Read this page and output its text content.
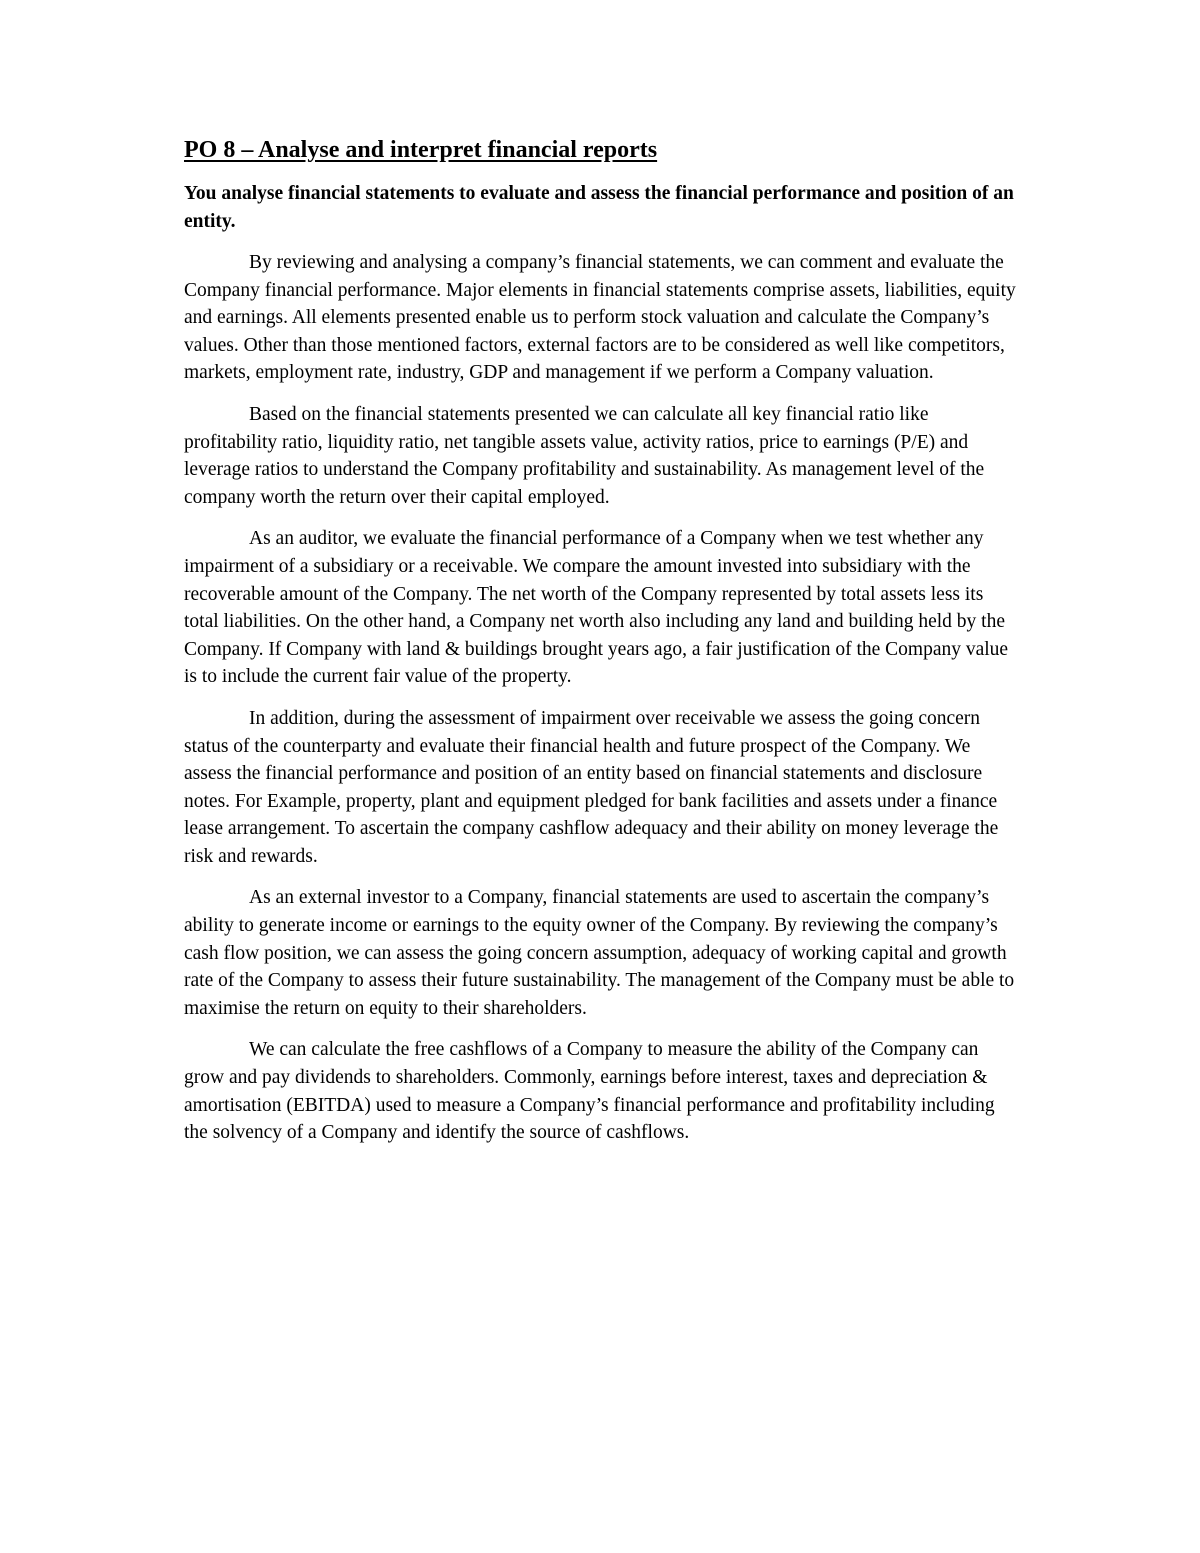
PO 8 – Analyse and interpret financial reports

You analyse financial statements to evaluate and assess the financial performance and position of an entity.

By reviewing and analysing a company’s financial statements, we can comment and evaluate the Company financial performance. Major elements in financial statements comprise assets, liabilities, equity and earnings. All elements presented enable us to perform stock valuation and calculate the Company’s values. Other than those mentioned factors, external factors are to be considered as well like competitors, markets, employment rate, industry, GDP and management if we perform a Company valuation.

Based on the financial statements presented we can calculate all key financial ratio like profitability ratio, liquidity ratio, net tangible assets value, activity ratios, price to earnings (P/E) and leverage ratios to understand the Company profitability and sustainability. As management level of the company worth the return over their capital employed.

As an auditor, we evaluate the financial performance of a Company when we test whether any impairment of a subsidiary or a receivable. We compare the amount invested into subsidiary with the recoverable amount of the Company. The net worth of the Company represented by total assets less its total liabilities. On the other hand, a Company net worth also including any land and building held by the Company. If Company with land & buildings brought years ago, a fair justification of the Company value is to include the current fair value of the property.

In addition, during the assessment of impairment over receivable we assess the going concern status of the counterparty and evaluate their financial health and future prospect of the Company. We assess the financial performance and position of an entity based on financial statements and disclosure notes. For Example, property, plant and equipment pledged for bank facilities and assets under a finance lease arrangement. To ascertain the company cashflow adequacy and their ability on money leverage the risk and rewards.

As an external investor to a Company, financial statements are used to ascertain the company’s ability to generate income or earnings to the equity owner of the Company. By reviewing the company’s cash flow position, we can assess the going concern assumption, adequacy of working capital and growth rate of the Company to assess their future sustainability. The management of the Company must be able to maximise the return on equity to their shareholders.

We can calculate the free cashflows of a Company to measure the ability of the Company can grow and pay dividends to shareholders. Commonly, earnings before interest, taxes and depreciation & amortisation (EBITDA) used to measure a Company’s financial performance and profitability including the solvency of a Company and identify the source of cashflows.
